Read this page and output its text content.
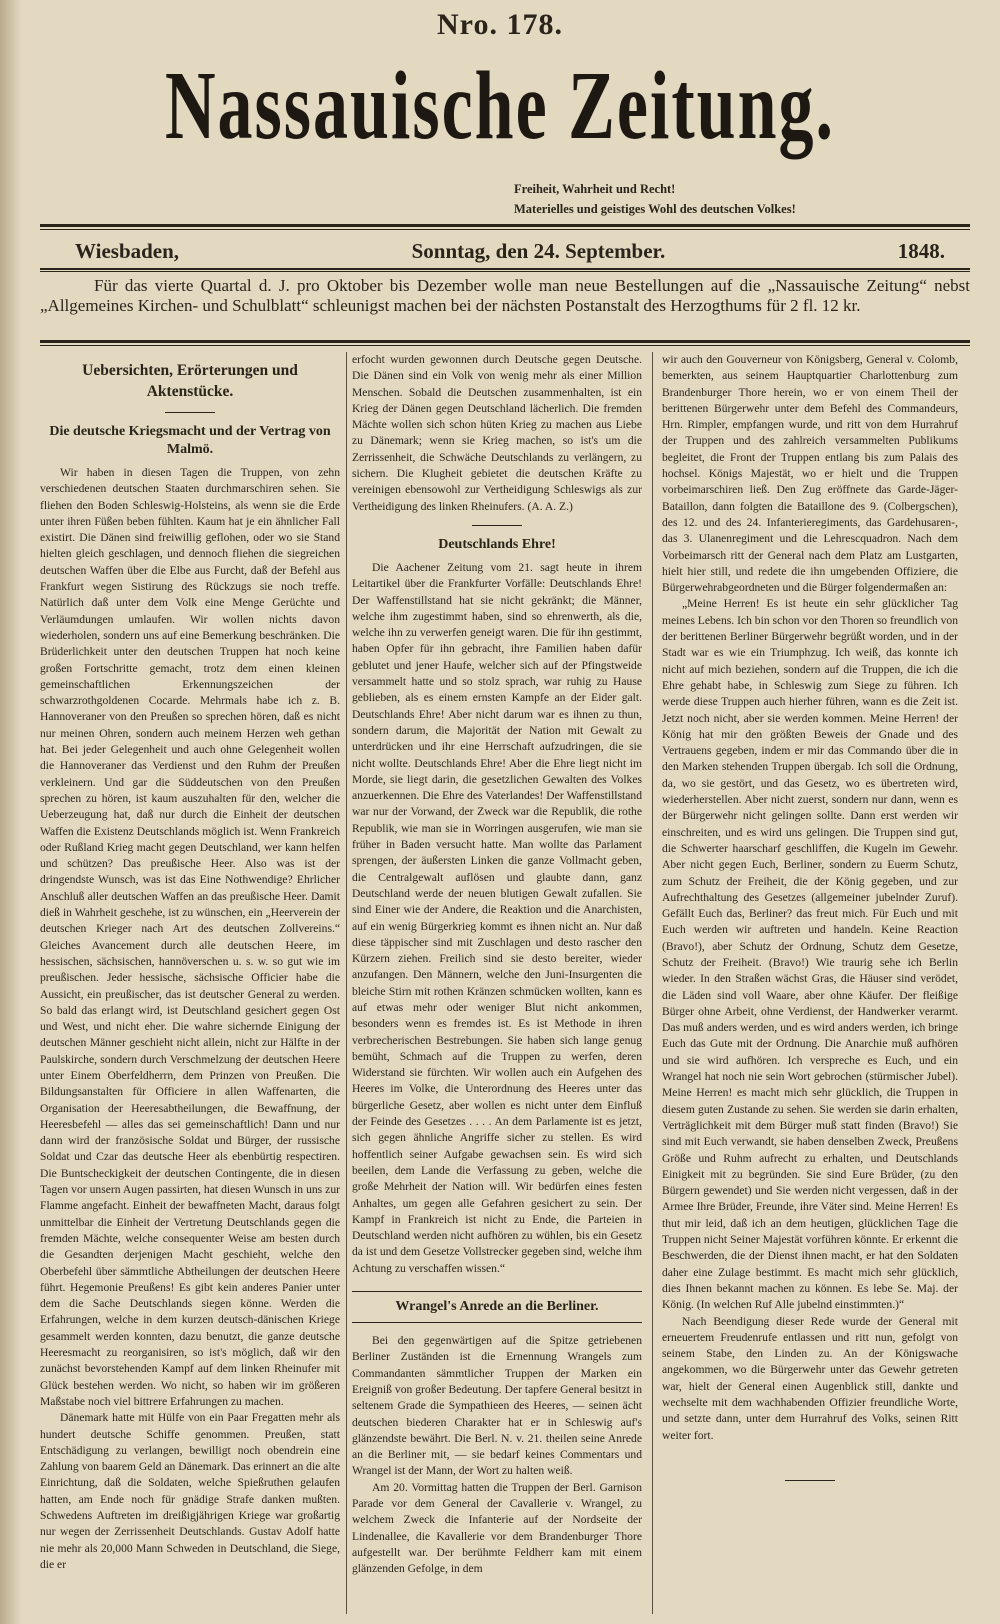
Nro. 178.
Nassauische Zeitung.
Freiheit, Wahrheit und Recht!
Materielles und geistiges Wohl des deutschen Volkes!
Wiesbaden,	Sonntag, den 24. September.	1848.
Für das vierte Quartal d. J. pro Oktober bis Dezember wolle man neue Bestellungen auf die „Nassauische Zeitung“ nebst „Allgemeines Kirchen- und Schulblatt“ schleunigst machen bei der nächsten Postanstalt des Herzogthums für 2 fl. 12 kr.
Uebersichten, Erörterungen und Aktenstücke.
Die deutsche Kriegsmacht und der Vertrag von Malmö.

Wir haben in diesen Tagen die Truppen, von zehn verschiedenen deutschen Staaten durchmarschiren sehen. Sie fliehen den Boden Schleswig-Holsteins, als wenn sie die Erde unter ihren Füßen beben fühlten. Kaum hat je ein ähnlicher Fall existirt. Die Dänen sind freiwillig geflohen, oder wo sie Stand hielten gleich geschlagen, und dennoch fliehen die siegreichen deutschen Waffen über die Elbe aus Furcht, daß der Befehl aus Frankfurt wegen Sistirung des Rückzugs sie noch treffe. Natürlich daß unter dem Volk eine Menge Gerüchte und Verläumdungen umlaufen. Wir wollen nichts davon wiederholen, sondern uns auf eine Bemerkung beschränken. Die Brüderlichkeit unter den deutschen Truppen hat noch keine großen Fortschritte gemacht, trotz dem einen kleinen gemeinschaftlichen Erkennungszeichen der schwarzrothgoldenen Cocarde. Mehrmals habe ich z. B. Hannoveraner von den Preußen so sprechen hören, daß es nicht nur meinen Ohren, sondern auch meinem Herzen weh gethan hat. Bei jeder Gelegenheit und auch ohne Gelegenheit wollen die Hannoveraner das Verdienst und den Ruhm der Preußen verkleinern. Und gar die Süddeutschen von den Preußen sprechen zu hören, ist kaum auszuhalten für den, welcher die Ueberzeugung hat, daß nur durch die Einheit der deutschen Waffen die Existenz Deutschlands möglich ist. Wenn Frankreich oder Rußland Krieg macht gegen Deutschland, wer kann helfen und schützen? Das preußische Heer. Also was ist der dringendste Wunsch, was ist das Eine Nothwendige? Ehrlicher Anschluß aller deutschen Waffen an das preußische Heer. Damit dieß in Wahrheit geschehe, ist zu wünschen, ein „Heerverein der deutschen Krieger nach Art des deutschen Zollvereins.“ Gleiches Avancement durch alle deutschen Heere, im hessischen, sächsischen, hannöverschen u. s. w. so gut wie im preußischen. Jeder hessische, sächsische Officier habe die Aussicht, ein preußischer, das ist deutscher General zu werden. So bald das erlangt wird, ist Deutschland gesichert gegen Ost und West, und nicht eher. Die wahre sichernde Einigung der deutschen Männer geschieht nicht allein, nicht zur Hälfte in der Paulskirche, sondern durch Verschmelzung der deutschen Heere unter Einem Oberfeldherrn, dem Prinzen von Preußen. Die Bildungsanstalten für Officiere in allen Waffenarten, die Organisation der Heeresabtheilungen, die Bewaffnung, der Heeresbefehl — alles das sei gemeinschaftlich! Dann und nur dann wird der französische Soldat und Bürger, der russische Soldat und Czar das deutsche Heer als ebenbürtig respectiren. Die Buntscheckigkeit der deutschen Contingente, die in diesen Tagen vor unsern Augen passirten, hat diesen Wunsch in uns zur Flamme angefacht. Einheit der bewaffneten Macht, daraus folgt unmittelbar die Einheit der Vertretung Deutschlands gegen die fremden Mächte, welche consequenter Weise am besten durch die Gesandten derjenigen Macht geschieht, welche den Oberbefehl über sämmtliche Abtheilungen der deutschen Heere führt. Hegemonie Preußens! Es gibt kein anderes Panier unter dem die Sache Deutschlands siegen könne. Werden die Erfahrungen, welche in dem kurzen deutsch-dänischen Kriege gesammelt werden konnten, dazu benutzt, die ganze deutsche Heeresmacht zu reorganisiren, so ist's möglich, daß wir den zunächst bevorstehenden Kampf auf dem linken Rheinufer mit Glück bestehen werden. Wo nicht, so haben wir im größeren Maßstabe noch viel bittrere Erfahrungen zu machen.

Dänemark hatte mit Hülfe von ein Paar Fregatten mehr als hundert deutsche Schiffe genommen. Preußen, statt Entschädigung zu verlangen, bewilligt noch obendrein eine Zahlung von baarem Geld an Dänemark. Das erinnert an die alte Einrichtung, daß die Soldaten, welche Spießruthen gelaufen hatten, am Ende noch für gnädige Strafe danken mußten. Schwedens Auftreten im dreißigjährigen Kriege war großartig nur wegen der Zerrissenheit Deutschlands. Gustav Adolf hatte nie mehr als 20,000 Mann Schweden in Deutschland, die Siege, die er

erfocht wurden gewonnen durch Deutsche gegen Deutsche. Die Dänen sind ein Volk von wenig mehr als einer Million Menschen. Sobald die Deutschen zusammenhalten, ist ein Krieg der Dänen gegen Deutschland lächerlich. Die fremden Mächte wollen sich schon hüten Krieg zu machen aus Liebe zu Dänemark; wenn sie Krieg machen, so ist's um die Zerrissenheit, die Schwäche Deutschlands zu verlängern, zu sichern. Die Klugheit gebietet die deutschen Kräfte zu vereinigen ebensowohl zur Vertheidigung Schleswigs als zur Vertheidigung des linken Rheinufers. (A. A. Z.)

Deutschlands Ehre!

Die Aachener Zeitung vom 21. sagt heute in ihrem Leitartikel über die Frankfurter Vorfälle: Deutschlands Ehre! Der Waffenstillstand hat sie nicht gekränkt; die Männer, welche ihm zugestimmt haben, sind so ehrenwerth, als die, welche ihn zu verwerfen geneigt waren. Die für ihn gestimmt, haben Opfer für ihn gebracht, ihre Familien haben dafür geblutet und jener Haufe, welcher sich auf der Pfingstweide versammelt hatte und so stolz sprach, war ruhig zu Hause geblieben, als es einem ernsten Kampfe an der Eider galt. Deutschlands Ehre! Aber nicht darum war es ihnen zu thun, sondern darum, die Majorität der Nation mit Gewalt zu unterdrücken und ihr eine Herrschaft aufzudringen, die sie nicht wollte. Deutschlands Ehre! Aber die Ehre liegt nicht im Morde, sie liegt darin, die gesetzlichen Gewalten des Volkes anzuerkennen. Die Ehre des Vaterlandes! Der Waffenstillstand war nur der Vorwand, der Zweck war die Republik, die rothe Republik, wie man sie in Worringen ausgerufen, wie man sie früher in Baden versucht hatte. Man wollte das Parlament sprengen, der äußersten Linken die ganze Vollmacht geben, die Centralgewalt auflösen und glaubte dann, ganz Deutschland werde der neuen blutigen Gewalt zufallen. Sie sind Einer wie der Andere, die Reaktion und die Anarchisten, auf ein wenig Bürgerkrieg kommt es ihnen nicht an. Nur daß diese täppischer sind mit Zuschlagen und desto rascher den Kürzern ziehen. Freilich sind sie desto bereiter, wieder anzufangen. Den Männern, welche den Juni-Insurgenten die bleiche Stirn mit rothen Kränzen schmücken wollten, kann es auf etwas mehr oder weniger Blut nicht ankommen, besonders wenn es fremdes ist. Es ist Methode in ihren verbrecherischen Bestrebungen. Sie haben sich lange genug bemüht, Schmach auf die Truppen zu werfen, deren Widerstand sie fürchten. Wir wollen auch ein Aufgehen des Heeres im Volke, die Unterordnung des Heeres unter das bürgerliche Gesetz, aber wollen es nicht unter dem Einfluß der Feinde des Gesetzes . . . . An dem Parlamente ist es jetzt, sich gegen ähnliche Angriffe sicher zu stellen. Es wird hoffentlich seiner Aufgabe gewachsen sein. Es wird sich beeilen, dem Lande die Verfassung zu geben, welche die große Mehrheit der Nation will. Wir bedürfen eines festen Anhaltes, um gegen alle Gefahren gesichert zu sein. Der Kampf in Frankreich ist nicht zu Ende, die Parteien in Deutschland werden nicht aufhören zu wühlen, bis ein Gesetz da ist und dem Gesetze Vollstrecker gegeben sind, welche ihm Achtung zu verschaffen wissen.“

Wrangel's Anrede an die Berliner.

Bei den gegenwärtigen auf die Spitze getriebenen Berliner Zuständen ist die Ernennung Wrangels zum Commandanten sämmtlicher Truppen der Marken ein Ereigniß von großer Bedeutung. Der tapfere General besitzt in seltenem Grade die Sympathieen des Heeres, — seinen ächt deutschen biederen Charakter hat er in Schleswig auf's glänzendste bewährt. Die Berl. N. v. 21. theilen seine Anrede an die Berliner mit, — sie bedarf keines Commentars und Wrangel ist der Mann, der Wort zu halten weiß.

Am 20. Vormittag hatten die Truppen der Berl. Garnison Parade vor dem General der Cavallerie v. Wrangel, zu welchem Zweck die Infanterie auf der Nordseite der Lindenallee, die Kavallerie vor dem Brandenburger Thore aufgestellt war. Der berühmte Feldherr kam mit einem glänzenden Gefolge, in dem

wir auch den Gouverneur von Königsberg, General v. Colomb, bemerkten, aus seinem Hauptquartier Charlottenburg zum Brandenburger Thore herein, wo er von einem Theil der berittenen Bürgerwehr unter dem Befehl des Commandeurs, Hrn. Rimpler, empfangen wurde, und ritt von dem Hurrahruf der Truppen und des zahlreich versammelten Publikums begleitet, die Front der Truppen entlang bis zum Palais des hochsel. Königs Majestät, wo er hielt und die Truppen vorbeimarschiren ließ. Den Zug eröffnete das Garde-Jäger-Bataillon, dann folgten die Bataillone des 9. (Colbergschen), des 12. und des 24. Infanterieregiments, das Gardehusaren-, das 3. Ulanenregiment und die Lehrescquadron. Nach dem Vorbeimarsch ritt der General nach dem Platz am Lustgarten, hielt hier still, und redete die ihn umgebenden Offiziere, die Bürgerwehrabgeordneten und die Bürger folgendermaßen an:

„Meine Herren! Es ist heute ein sehr glücklicher Tag meines Lebens. Ich bin schon vor den Thoren so freundlich von der berittenen Berliner Bürgerwehr begrüßt worden, und in der Stadt war es wie ein Triumphzug. Ich weiß, das konnte ich nicht auf mich beziehen, sondern auf die Truppen, die ich die Ehre gehabt habe, in Schleswig zum Siege zu führen. Ich werde diese Truppen auch hierher führen, wann es die Zeit ist. Jetzt noch nicht, aber sie werden kommen. Meine Herren! der König hat mir den größten Beweis der Gnade und des Vertrauens gegeben, indem er mir das Commando über die in den Marken stehenden Truppen übergab. Ich soll die Ordnung, da, wo sie gestört, und das Gesetz, wo es übertreten wird, wiederherstellen. Aber nicht zuerst, sondern nur dann, wenn es der Bürgerwehr nicht gelingen sollte. Dann erst werden wir einschreiten, und es wird uns gelingen. Die Truppen sind gut, die Schwerter haarscharf geschliffen, die Kugeln im Gewehr. Aber nicht gegen Euch, Berliner, sondern zu Euerm Schutz, zum Schutz der Freiheit, die der König gegeben, und zur Aufrechthaltung des Gesetzes (allgemeiner jubelnder Zuruf). Gefällt Euch das, Berliner? das freut mich. Für Euch und mit Euch werden wir auftreten und handeln. Keine Reaction (Bravo!), aber Schutz der Ordnung, Schutz dem Gesetze, Schutz der Freiheit. (Bravo!) Wie traurig sehe ich Berlin wieder. In den Straßen wächst Gras, die Häuser sind verödet, die Läden sind voll Waare, aber ohne Käufer. Der fleißige Bürger ohne Arbeit, ohne Verdienst, der Handwerker verarmt. Das muß anders werden, und es wird anders werden, ich bringe Euch das Gute mit der Ordnung. Die Anarchie muß aufhören und sie wird aufhören. Ich verspreche es Euch, und ein Wrangel hat noch nie sein Wort gebrochen (stürmischer Jubel). Meine Herren! es macht mich sehr glücklich, die Truppen in diesem guten Zustande zu sehen. Sie werden sie darin erhalten, Verträglichkeit mit dem Bürger muß statt finden (Bravo!) Sie sind mit Euch verwandt, sie haben denselben Zweck, Preußens Größe und Ruhm aufrecht zu erhalten, und Deutschlands Einigkeit mit zu begründen. Sie sind Eure Brüder, (zu den Bürgern gewendet) und Sie werden nicht vergessen, daß in der Armee Ihre Brüder, Freunde, ihre Väter sind. Meine Herren! Es thut mir leid, daß ich an dem heutigen, glücklichen Tage die Truppen nicht Seiner Majestät vorführen könnte. Er erkennt die Beschwerden, die der Dienst ihnen macht, er hat den Soldaten daher eine Zulage bestimmt. Es macht mich sehr glücklich, dies Ihnen bekannt machen zu können. Es lebe Se. Maj. der König. (In welchen Ruf Alle jubelnd einstimmten.)“

Nach Beendigung dieser Rede wurde der General mit erneuertem Freudenrufe entlassen und ritt nun, gefolgt von seinem Stabe, den Linden zu. An der Königswache angekommen, wo die Bürgerwehr unter das Gewehr getreten war, hielt der General einen Augenblick still, dankte und wechselte mit dem wachhabenden Offizier freundliche Worte, und setzte dann, unter dem Hurrahruf des Volks, seinen Ritt weiter fort.
